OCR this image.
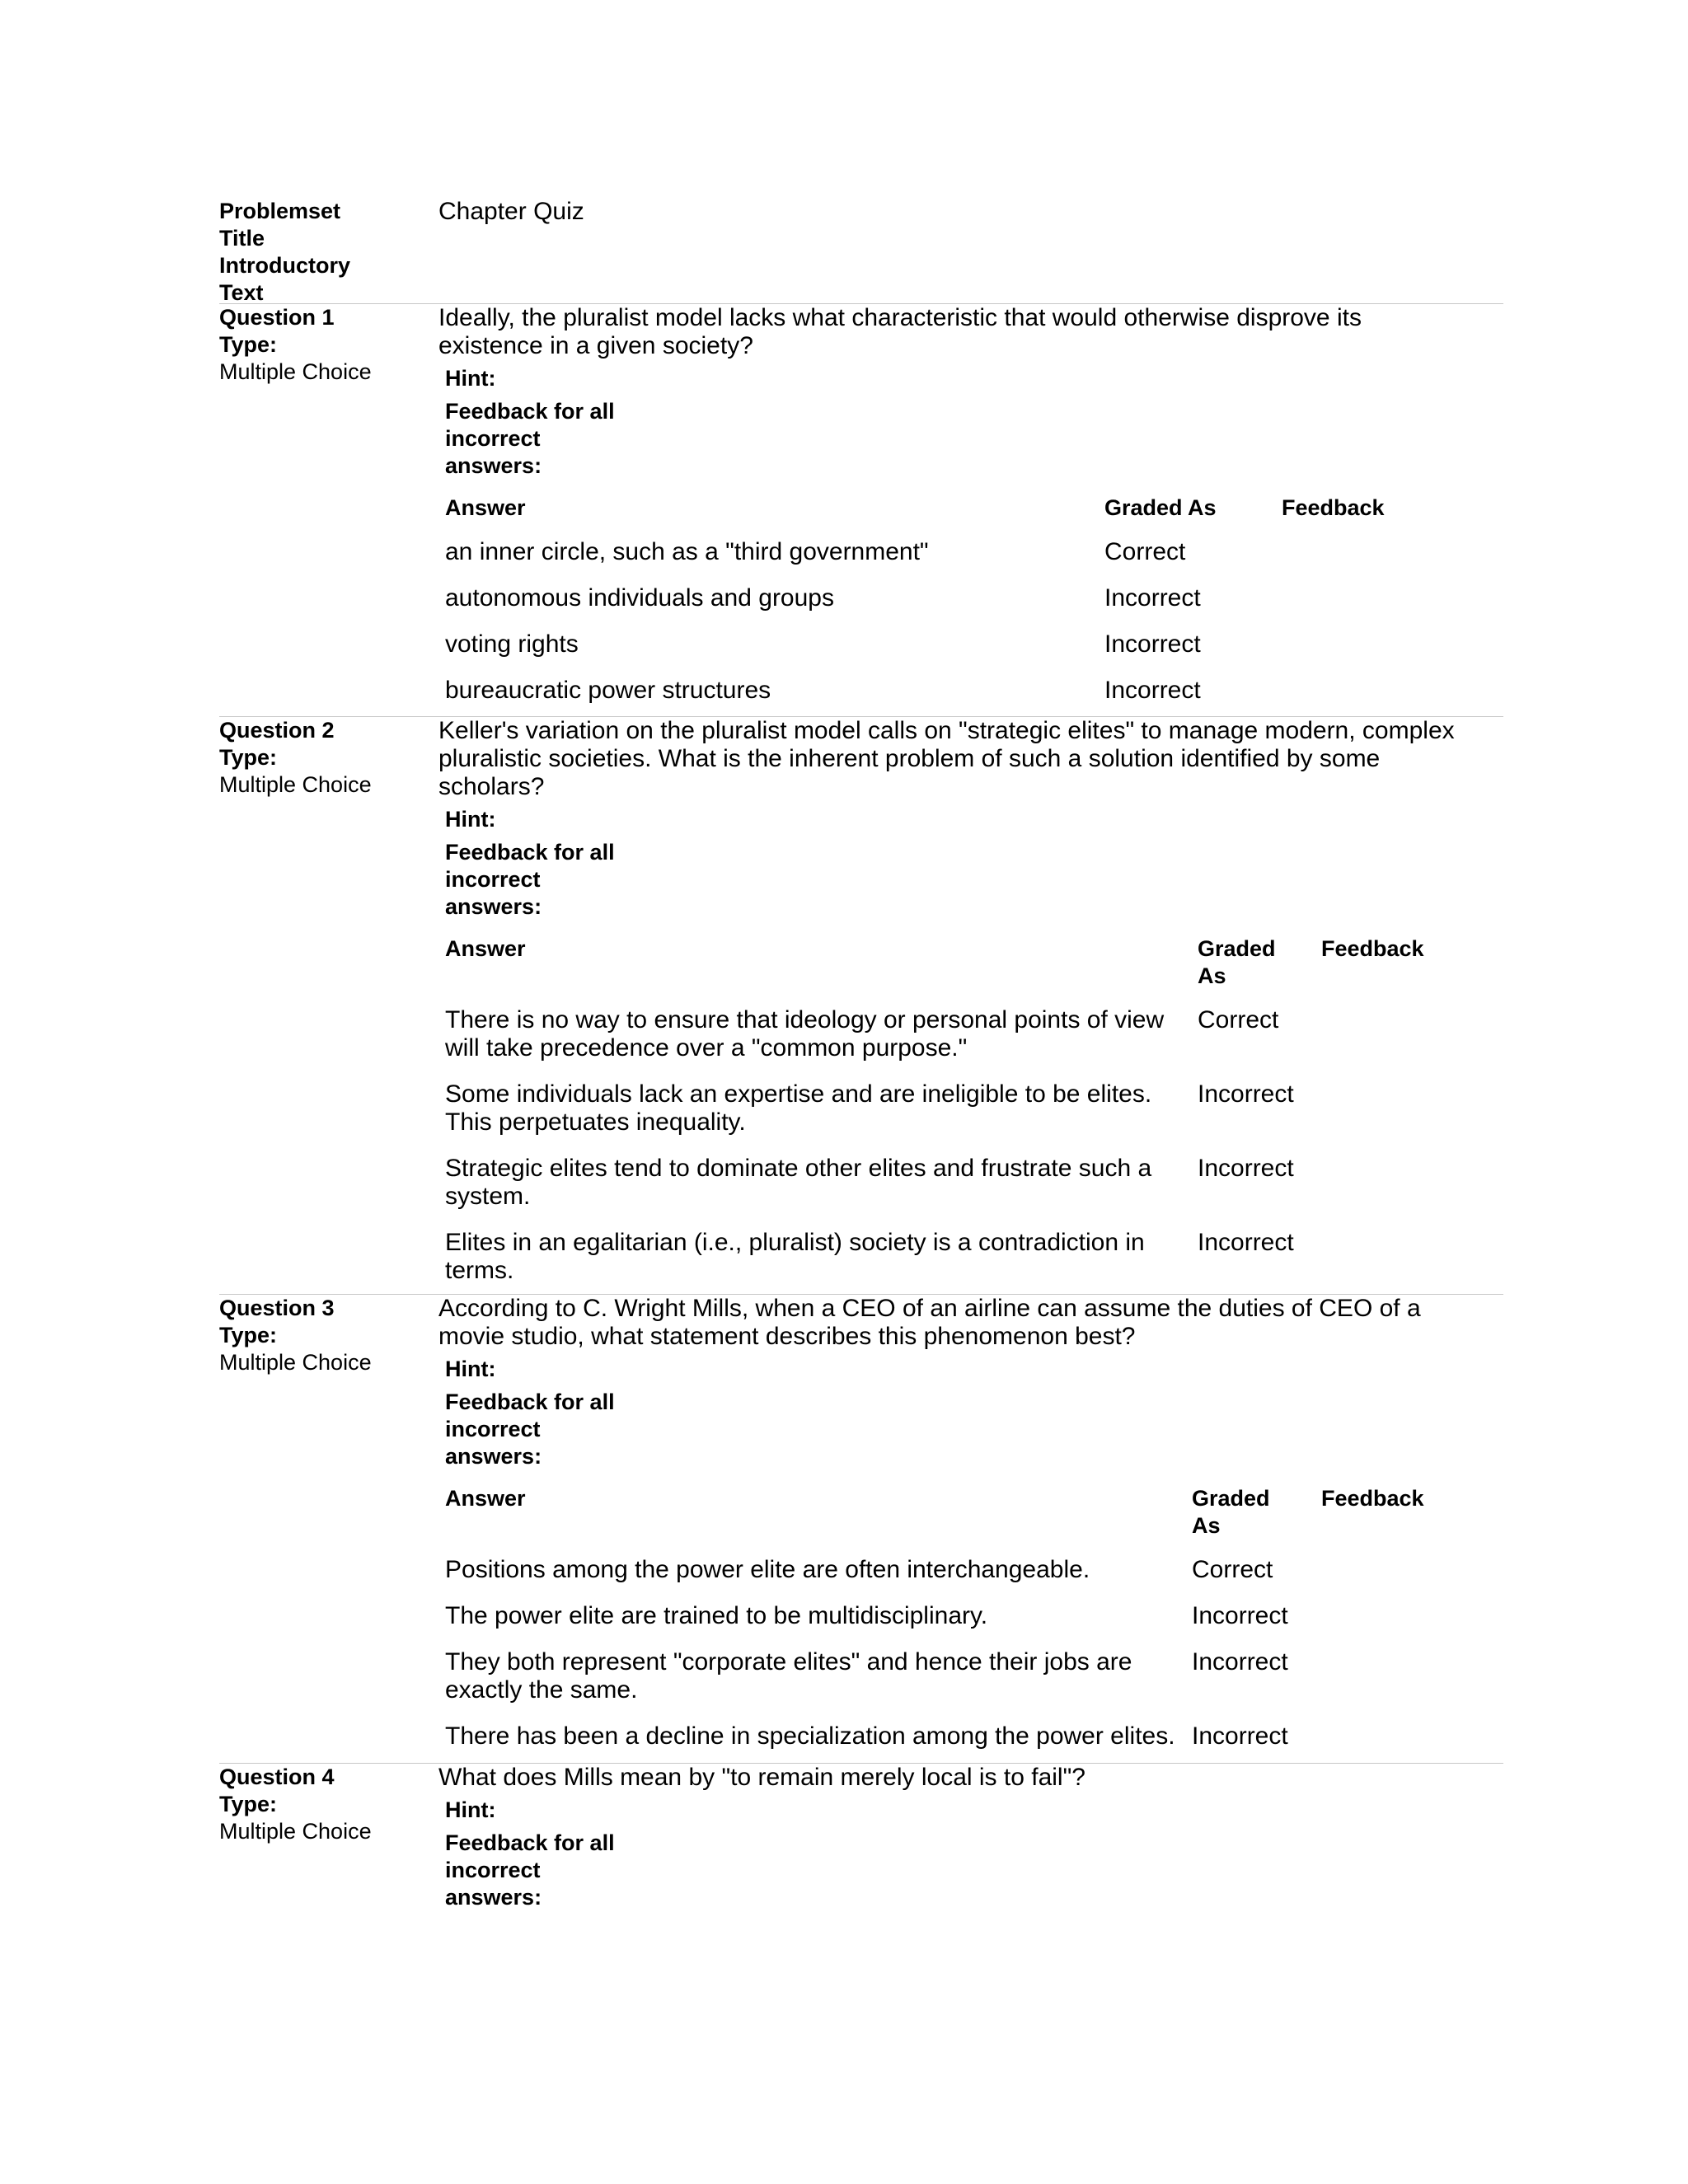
Problemset Title Introductory Text
Chapter Quiz
Question 1
Type:
Multiple Choice
Ideally, the pluralist model lacks what characteristic that would otherwise disprove its existence in a given society?
Hint:
Feedback for all incorrect answers:
Answer	Graded As	Feedback
an inner circle, such as a "third government"	Correct	
autonomous individuals and groups	Incorrect	
voting rights	Incorrect	
bureaucratic power structures	Incorrect	
Question 2
Type:
Multiple Choice
Keller's variation on the pluralist model calls on "strategic elites" to manage modern, complex pluralistic societies. What is the inherent problem of such a solution identified by some scholars?
Hint:
Feedback for all incorrect answers:
Answer	Graded As	Feedback
There is no way to ensure that ideology or personal points of view will take precedence over a "common purpose."	Correct	
Some individuals lack an expertise and are ineligible to be elites. This perpetuates inequality.	Incorrect	
Strategic elites tend to dominate other elites and frustrate such a system.	Incorrect	
Elites in an egalitarian (i.e., pluralist) society is a contradiction in terms.	Incorrect	
Question 3
Type:
Multiple Choice
According to C. Wright Mills, when a CEO of an airline can assume the duties of CEO of a movie studio, what statement describes this phenomenon best?
Hint:
Feedback for all incorrect answers:
Answer	Graded As	Feedback
Positions among the power elite are often interchangeable.	Correct	
The power elite are trained to be multidisciplinary.	Incorrect	
They both represent "corporate elites" and hence their jobs are exactly the same.	Incorrect	
There has been a decline in specialization among the power elites.	Incorrect	
Question 4
Type:
Multiple Choice
What does Mills mean by "to remain merely local is to fail"?
Hint:
Feedback for all incorrect answers:
